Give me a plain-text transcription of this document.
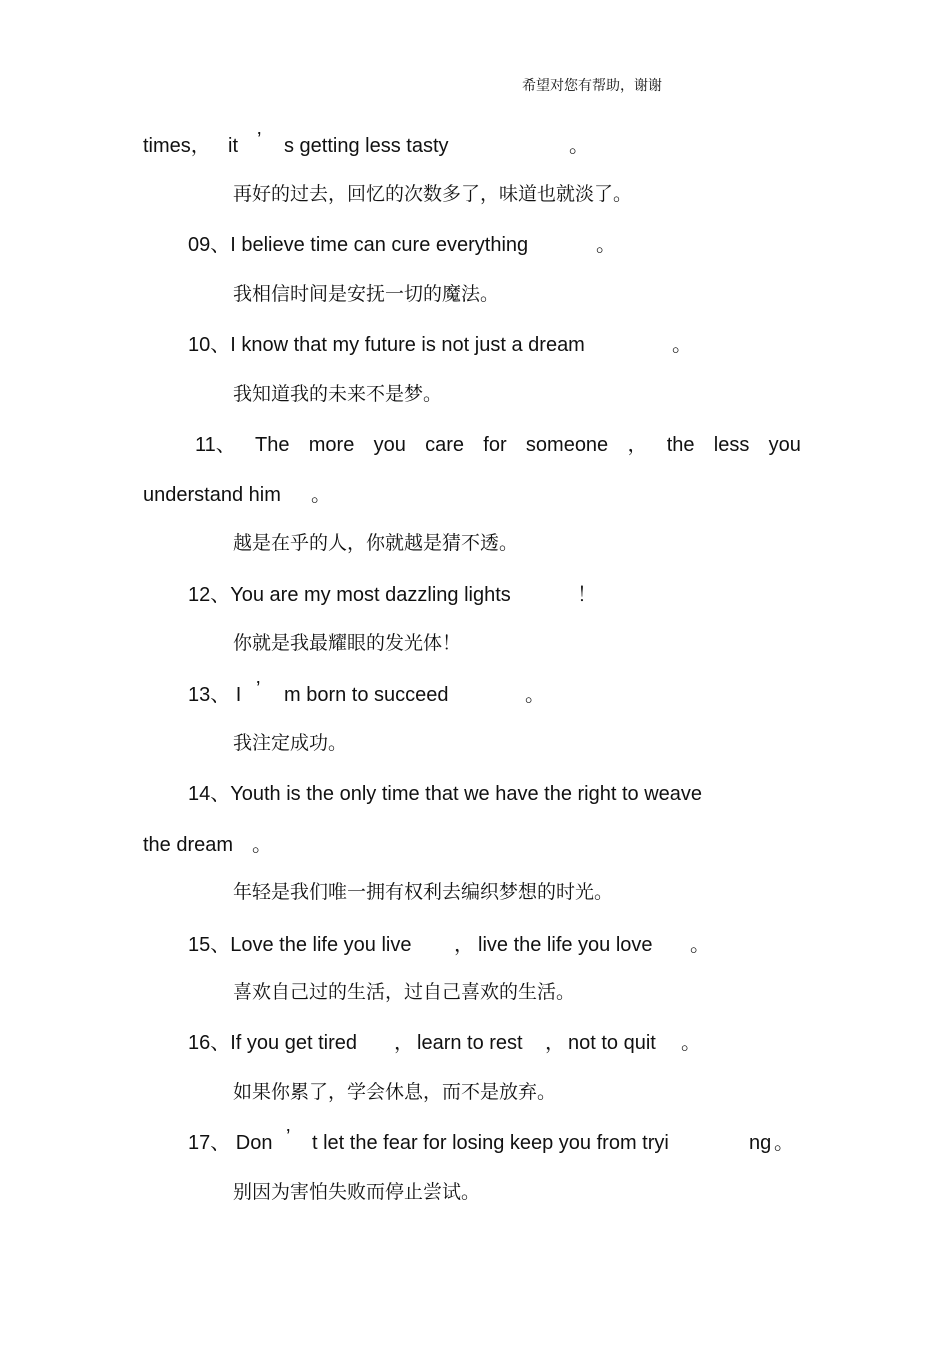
希望对您有帮助，谢谢
times， it ’ s getting less tasty	。
再好的过去，回忆的次数多了，味道也就淡了。
09、I believe time can cure everything	。
我相信时间是安抚一切的魔法。
10、I know that my future is not just a dream	。
我知道我的未来不是梦。
11、 The more you care for someone ， the less you
understand him 。
越是在乎的人，你就越是猜不透。
12、You are my most dazzling lights	！
你就是我最耀眼的发光体！
13、 I ’ m born to succeed	。
我注定成功。
14、Youth is the only time that we have the right to weave
the dream 。
年轻是我们唯一拥有权利去编织梦想的时光。
15、Love the life you live ， live the life you love 。
喜欢自己过的生活，过自己喜欢的生活。
16、If you get tired ， learn to rest ， not to quit 。
如果你累了，学会休息，而不是放弃。
17、 Don ’ t let the fear for losing keep you from tryi	ng 。
别因为害怕失败而停止尝试。
